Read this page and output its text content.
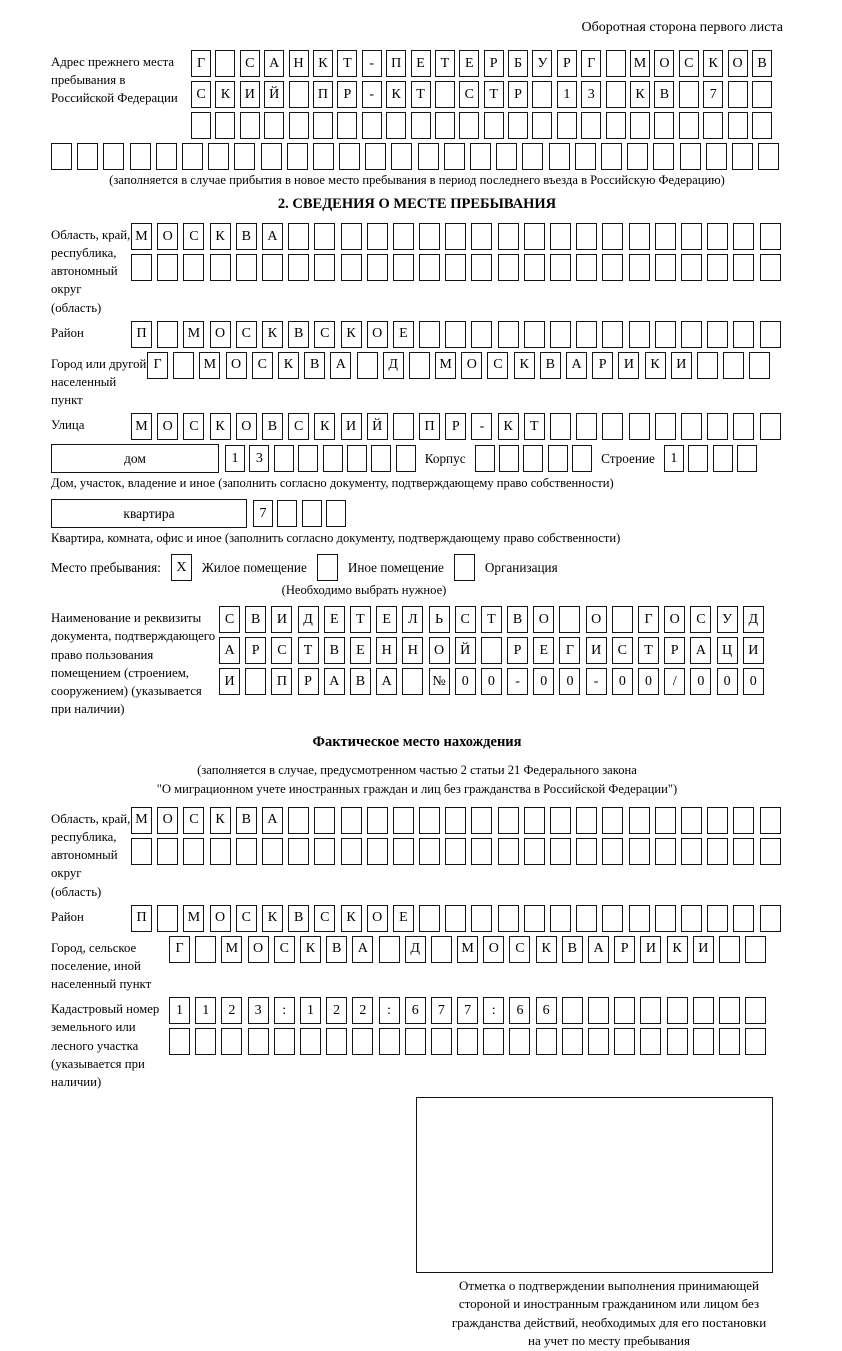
Оборотная сторона первого листа
Адрес прежнего места пребывания в Российской Федерации
Г	С	А	Н	К	Т	-	П	Е	Т	Е	Р	Б	У	Р	Г	М О	С	К	О	В
С	К	И	Й	П	Р	-	К	Т	С	Т	Р	1	3	К	В	7
(заполняется в случае прибытия в новое место пребывания в период последнего въезда в Российскую Федерацию)
2. СВЕДЕНИЯ О МЕСТЕ ПРЕБЫВАНИЯ
Область, край, республика, автономный округ (область)
М	О	С	К	В	А
Район	П	М	О	С	К	В	С	К	О	Е
Город или другой населенный пункт
Г	М	О	С	К	В	А	Д	М	О	С	К	В	А	Р	И	К	И
Улица	М	О	С	К	О	В	С	К	И	Й	П	Р	-	К	Т
дом	1	3	Корпус	Строение	1
Дом, участок, владение и иное (заполнить согласно документу, подтверждающему право собственности)
квартира	7
Квартира, комната, офис и иное (заполнить согласно документу, подтверждающему право собственности)
Место пребывания:	X	Жилое помещение	Иное помещение	Организация
(Необходимо выбрать нужное)
Наименование и реквизиты документа, подтверждающего право пользования помещением (строением, сооружением) (указывается при наличии)
С	В	И	Д	Е	Т	Е	Л	Ь	С	Т	В	О	О	Г	О	С	У	Д
А	Р	С	Т	В	Е	Н	Н	О	Й	Р	Е	Г	И	С	Т	Р	А	Ц	И
И	П	Р	А	В	А	№	0	0	-	0	0	-	0	0	/	0	0	0
Фактическое место нахождения
(заполняется в случае, предусмотренном частью 2 статьи 21 Федерального закона
"О миграционном учете иностранных граждан и лиц без гражданства в Российской Федерации")
Область, край, республика, автономный округ (область)
М	О	С	К	В	А
Район	П	М	О	С	К	В	С	К	О	Е
Город, сельское поселение, иной населенный пункт
Г	М	О	С	К	В	А	Д	М	О	С	К	В	А	Р	И	К	И
Кадастровый номер земельного или лесного участка (указывается при наличии)
1	1	2	3	:	1	2	2	:	6	7	7	:	6	6
Отметка о подтверждении выполнения принимающей
стороной и иностранным гражданином или лицом без
гражданства действий, необходимых для его постановки
на учет по месту пребывания
